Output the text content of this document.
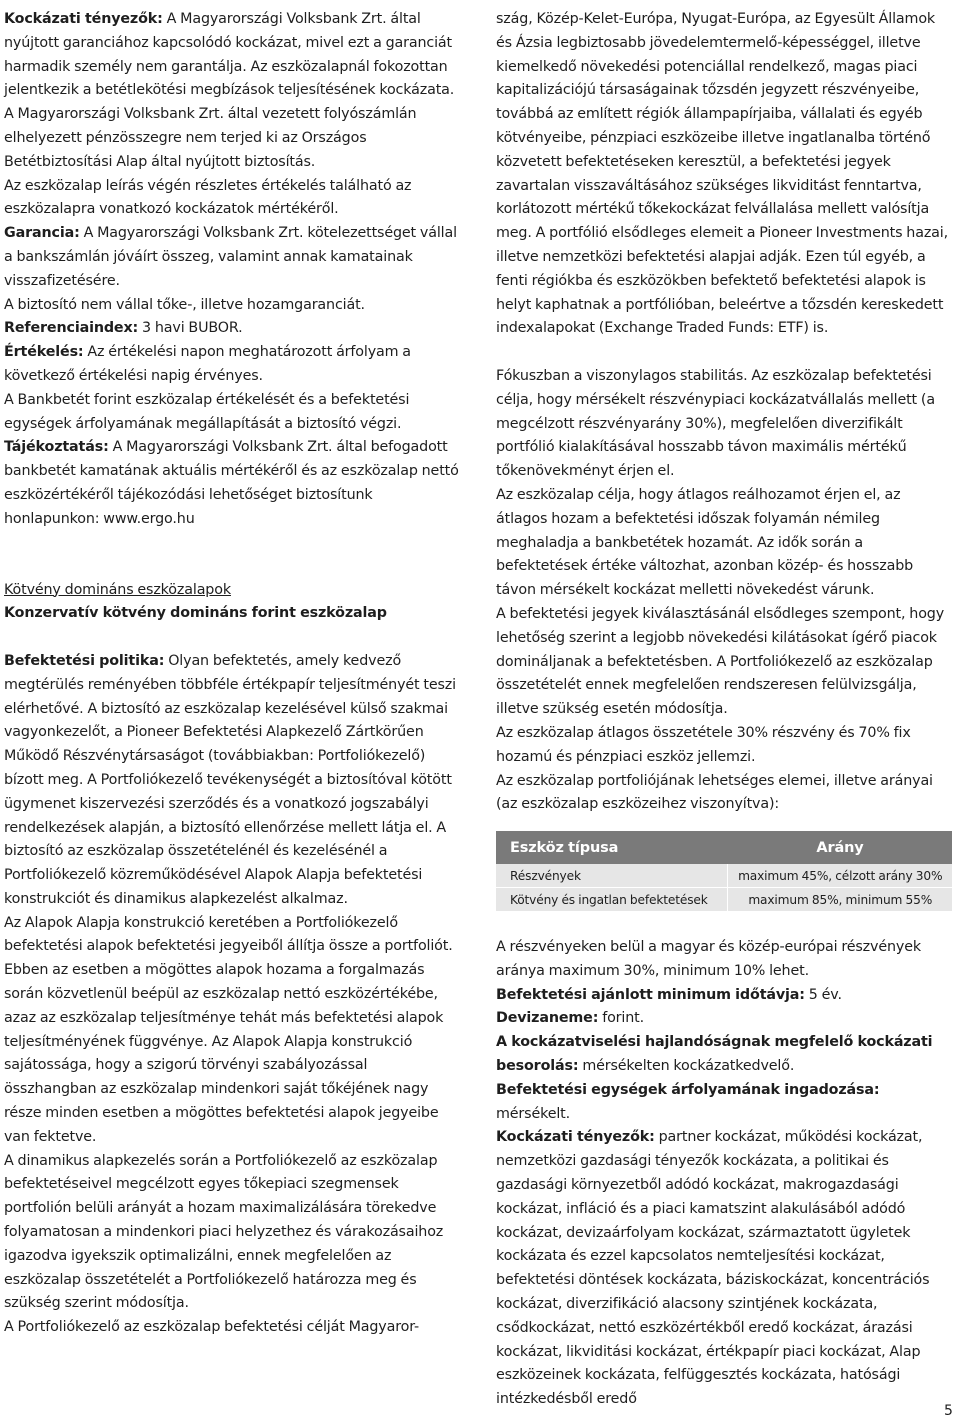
Kockázati tényezők: A Magyarországi Volksbank Zrt. által nyújtott garanciához kapcsolódó kockázat, mivel ezt a garanciát harmadik személy nem garantálja. Az eszközalapnál fokozottan jelentkezik a betétlekötési megbízások teljesítésének kockázata. A Magyarországi Volksbank Zrt. által vezetett folyószámlán elhelyezett pénzösszegre nem terjed ki az Országos Betétbiztosítási Alap által nyújtott biztosítás.

Az eszközalap leírás végén részletes értékelés található az eszközalapra vonatkozó kockázatok mértékéről.

Garancia: A Magyarországi Volksbank Zrt. kötelezettséget vállal a bankszámlán jóváírt összeg, valamint annak kamatainak visszafizetésére.

A biztosító nem vállal tőke-, illetve hozamgaranciát.

Referenciaindex: 3 havi BUBOR.

Értékelés: Az értékelési napon meghatározott árfolyam a következő értékelési napig érvényes.

A Bankbetét forint eszközalap értékelését és a befektetési egységek árfolyamának megállapítását a biztosító végzi.

Tájékoztatás: A Magyarországi Volksbank Zrt. által befogadott bankbetét kamatának aktuális mértékéről és az eszközalap nettó eszközértékéről tájékozódási lehetőséget biztosítunk honlapunkon: www.ergo.hu

Kötvény domináns eszközalapok

Konzervatív kötvény domináns forint eszközalap

Befektetési politika: Olyan befektetés, amely kedvező megtérülés reményében többféle értékpapír teljesítményét teszi elérhetővé. A biztosító az eszközalap kezelésével külső szakmai vagyonkezelőt, a Pioneer Befektetési Alapkezelő Zártkörűen Működő Részvénytársaságot (továbbiakban: Portfoliókezelő) bízott meg. A Portfoliókezelő tevékenységét a biztosítóval kötött ügymenet kiszervezési szerződés és a vonatkozó jogszabályi rendelkezések alapján, a biztosító ellenőrzése mellett látja el. A biztosító az eszközalap összetételénél és kezelésénél a Portfoliókezelő közreműködésével Alapok Alapja befektetési konstrukciót és dinamikus alapkezelést alkalmaz.

Az Alapok Alapja konstrukció keretében a Portfoliókezelő befektetési alapok befektetési jegyeiből állítja össze a portfoliót. Ebben az esetben a mögöttes alapok hozama a forgalmazás során közvetlenül beépül az eszközalap nettó eszközértékébe, azaz az eszközalap teljesítménye tehát más befektetési alapok teljesítményének függvénye. Az Alapok Alapja konstrukció sajátossága, hogy a szigorú törvényi szabályozással összhangban az eszközalap mindenkori saját tőkéjének nagy része minden esetben a mögöttes befektetési alapok jegyeibe van fektetve.

A dinamikus alapkezelés során a Portfoliókezelő az eszközalap befektetéseivel megcélzott egyes tőkepiaci szegmensek portfolión belüli arányát a hozam maximalizálására törekedve folyamatosan a mindenkori piaci helyzethez és várakozásaihoz igazodva igyekszik optimalizálni, ennek megfelelően az eszközalap összetételét a Portfoliókezelő határozza meg és szükség szerint módosítja.

A Portfoliókezelő az eszközalap befektetési célját Magyaror-

szág, Közép-Kelet-Európa, Nyugat-Európa, az Egyesült Államok és Ázsia legbiztosabb jövedelemtermelő-képességgel, illetve kiemelkedő növekedési potenciállal rendelkező, magas piaci kapitalizációjú társaságainak tőzsdén jegyzett részvényeibe, továbbá az említett régiók állampapírjaiba, vállalati és egyéb kötvényeibe, pénzpiaci eszközeibe illetve ingatlanalba történő közvetett befektetéseken keresztül, a befektetési jegyek zavartalan visszaváltásához szükséges likviditást fenntartva, korlátozott mértékű tőkekockázat felvállalása mellett valósítja meg. A portfólió elsődleges elemeit a Pioneer Investments hazai, illetve nemzetközi befektetési alapjai adják. Ezen túl egyéb, a fenti régiókba és eszközökben befektető befektetési alapok is helyt kaphatnak a portfólióban, beleértve a tőzsdén kereskedett indexalapokat (Exchange Traded Funds: ETF) is.

Fókuszban a viszonylagos stabilitás. Az eszközalap befektetési célja, hogy mérsékelt részvénypiaci kockázatvállalás mellett (a megcélzott részvényarány 30%), megfelelően diverzifikált portfólió kialakításával hosszabb távon maximális mértékű tőkenövekményt érjen el.

Az eszközalap célja, hogy átlagos reálhozamot érjen el, az átlagos hozam a befektetési időszak folyamán némileg meghaladja a bankbetétek hozamát. Az idők során a befektetések értéke változhat, azonban közép- és hosszabb távon mérsékelt kockázat melletti növekedést várunk.

A befektetési jegyek kiválasztásánál elsődleges szempont, hogy lehetőség szerint a legjobb növekedési kilátásokat ígérő piacok domináljanak a befektetésben. A Portfoliókezelő az eszközalap összetételét ennek megfelelően rendszeresen felülvizsgálja, illetve szükség esetén módosítja.

Az eszközalap átlagos összetétele 30% részvény és 70% fix hozamú és pénzpiaci eszköz jellemzi.

Az eszközalap portfoliójának lehetséges elemei, illetve arányai (az eszközalap eszközeihez viszonyítva):

Eszköz típusa	Arány
Részvények	maximum 45%, célzott arány 30%
Kötvény és ingatlan befektetések	maximum 85%, minimum 55%

A részvényeken belül a magyar és közép-európai részvények aránya maximum 30%, minimum 10% lehet.

Befektetési ajánlott minimum időtávja: 5 év.

Devizaneme: forint.

A kockázatviselési hajlandóságnak megfelelő kockázati besorolás: mérsékelten kockázatkedvelő.

Befektetési egységek árfolyamának ingadozása: mérsékelt.

Kockázati tényezők: partner kockázat, működési kockázat, nemzetközi gazdasági tényezők kockázata, a politikai és gazdasági környezetből adódó kockázat, makrogazdasági kockázat, infláció és a piaci kamatszint alakulásából adódó kockázat, devizaárfolyam kockázat, származtatott ügyletek kockázata és ezzel kapcsolatos nemteljesítési kockázat, befektetési döntések kockázata, báziskockázat, koncentrációs kockázat, diverzifikáció alacsony szintjének kockázata, csődkockázat, nettó eszközértékből eredő kockázat, árazási kockázat, likviditási kockázat, értékpapír piaci kockázat, Alap eszközeinek kockázata, felfüggesztés kockázata, hatósági intézkedésből eredő

5
